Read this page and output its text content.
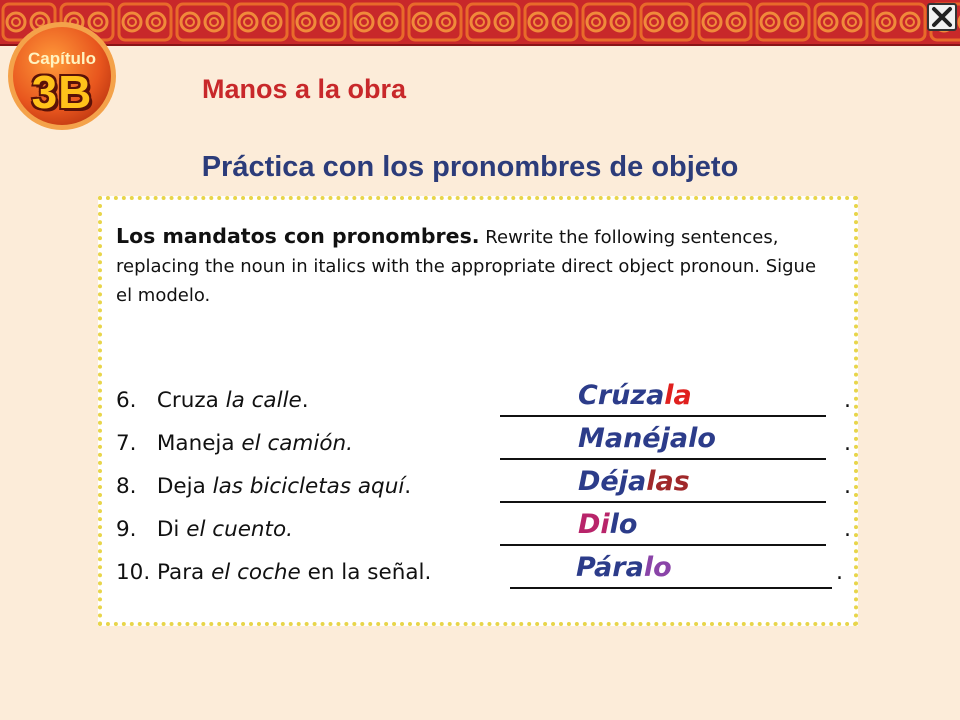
Capítulo
3B	Manos a la obra
Práctica con los pronombres de objeto
Los mandatos con pronombres. Rewrite the following sentences, replacing the noun in italics with the appropriate direct object pronoun. Sigue el modelo.
6. Cruza la calle.	Crúzala	.
7. Maneja el camión.	Manéjalo	.
8. Deja las bicicletas aquí.	Déjalas	.
9. Di el cuento.	Dilo	.
10. Para el coche en la señal.	Páralo	.
